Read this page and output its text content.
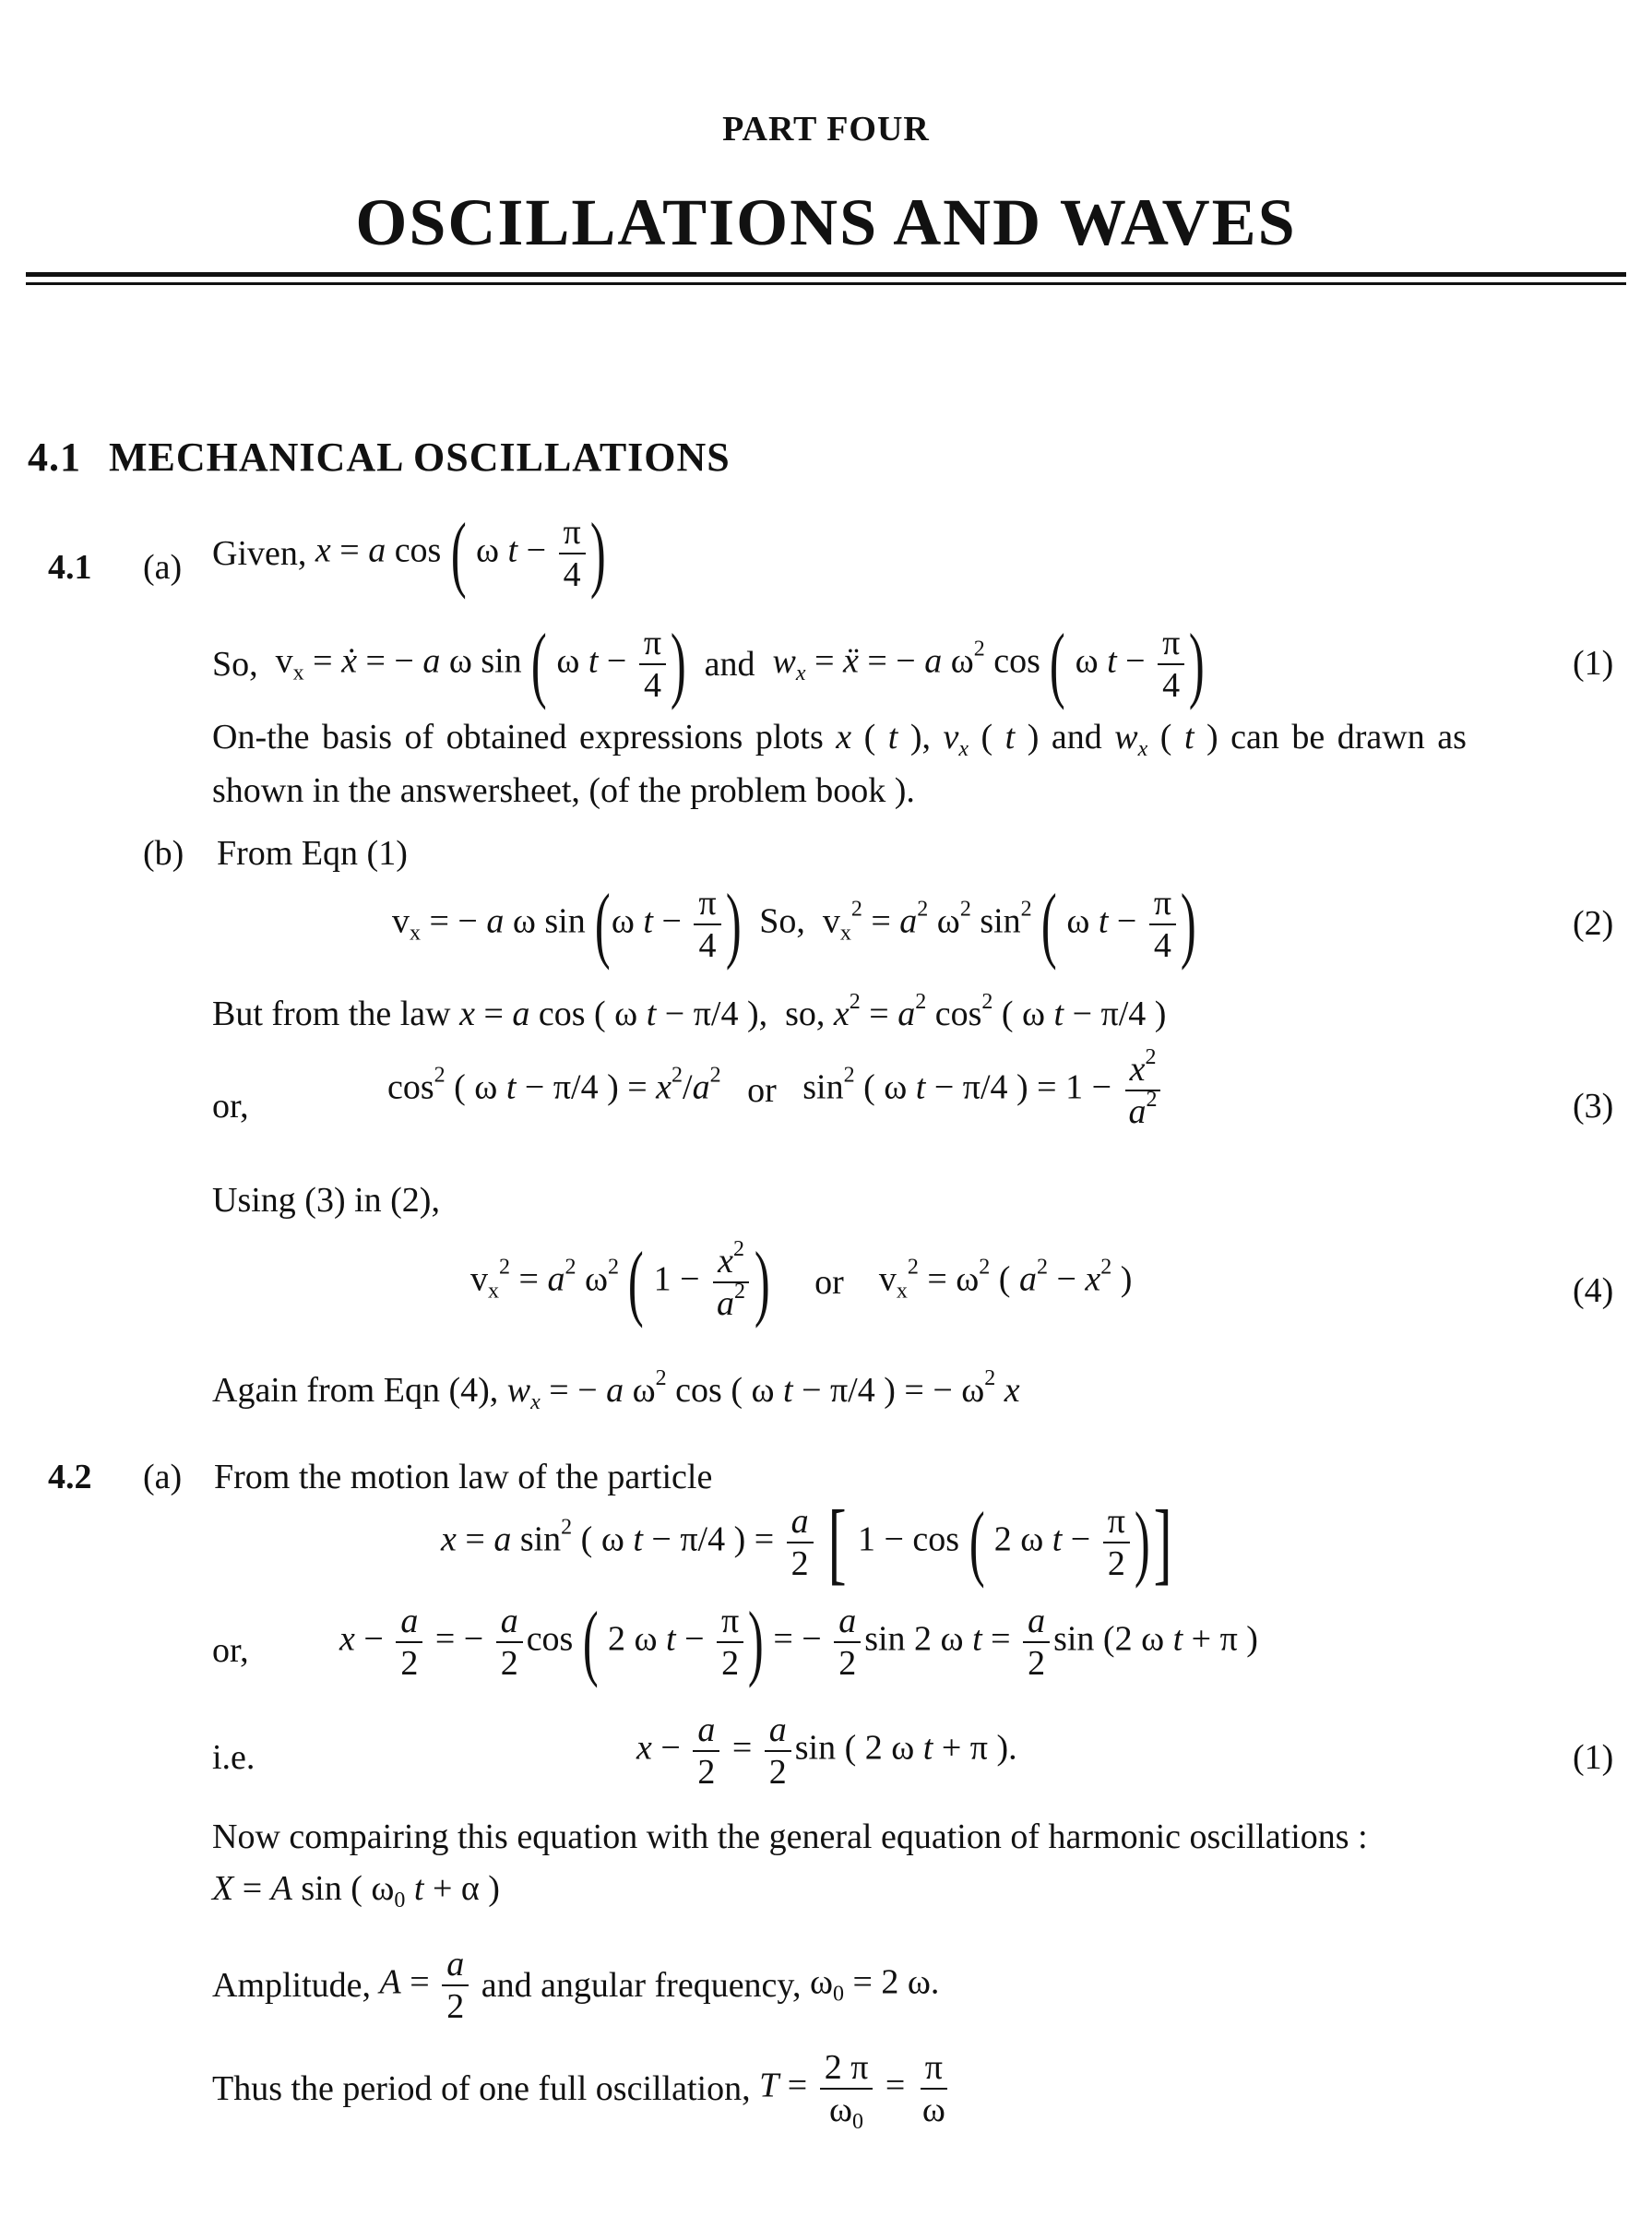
PART FOUR
OSCILLATIONS AND WAVES
4.1 MECHANICAL OSCILLATIONS
4.1 (a) Given, x = a cos ( ω $t - \frac{\pi}{4}$ )
So,  $v_x$ = ẋ = − a ω sin ( ω $t - \frac{\pi}{4}$ ) and $w_x$ = ẍ = − a $\omega^2$ cos ( ω $t - \frac{\pi}{4}$ )	(1)
On-the basis of obtained expressions plots x ( t ), $v_x$ ( t ) and $w_x$ ( t ) can be drawn as
shown in the answersheet, (of the problem book ).
(b) From Eqn (1)
$v_x$ = − a ω sin (ω $t - \frac{\pi}{4}$ )  So,  $v_x^2 = a^2$ $\omega^2$ $\sin^2$ ( ω $t - \frac{\pi}{4}$ )	(2)
But from the law x = a cos ( ω t − π/4 ),  so, $x^2 = a^2$ $\cos^2$ ( ω t − π/4 )
or,	$\cos^2$ ( ω t − π/4 ) = $x^2/a^2$ or   $\sin^2$ ( ω t − π/4 ) = $1 - \frac{x^2}{a^2}$	(3)
Using (3) in (2),
$v_x^2 = a^2$ $\omega^2$ ( $1 - \frac{x^2}{a^2}$ ) or    $v_x^2 = \omega^2$ ( $a^2 - x^2$ )	(4)
Again from Eqn (4), $w_x$ = − a $\omega^2$ cos ( ω t − π/4 ) = − $\omega^2$ x
4.2 (a) From the motion law of the particle
x = a $\sin^2$ ( ω t − π/4 ) = $\frac{a}{2}$ [ 1 − cos ( 2 ω $t - \frac{\pi}{2}$ )]
or,	$x - \frac{a}{2}$ = − $\frac{a}{2}$ cos ( 2 ω $t - \frac{\pi}{2}$ ) = − $\frac{a}{2}$ sin 2 ω $t = \frac{a}{2}$ sin (2 ω t + π )
i.e.	$x - \frac{a}{2} = \frac{a}{2}$ sin ( 2 ω t + π ).	(1)
Now compairing this equation with the general equation of harmonic oscillations :
X = A sin ( $\omega_0$ t + α )
Amplitude, $A = \frac{a}{2}$ and angular frequency, $\omega_0 = 2$ ω.
Thus the period of one full oscillation, $T = \frac{2 \pi}{\omega_0} = \frac{\pi}{\omega}$
